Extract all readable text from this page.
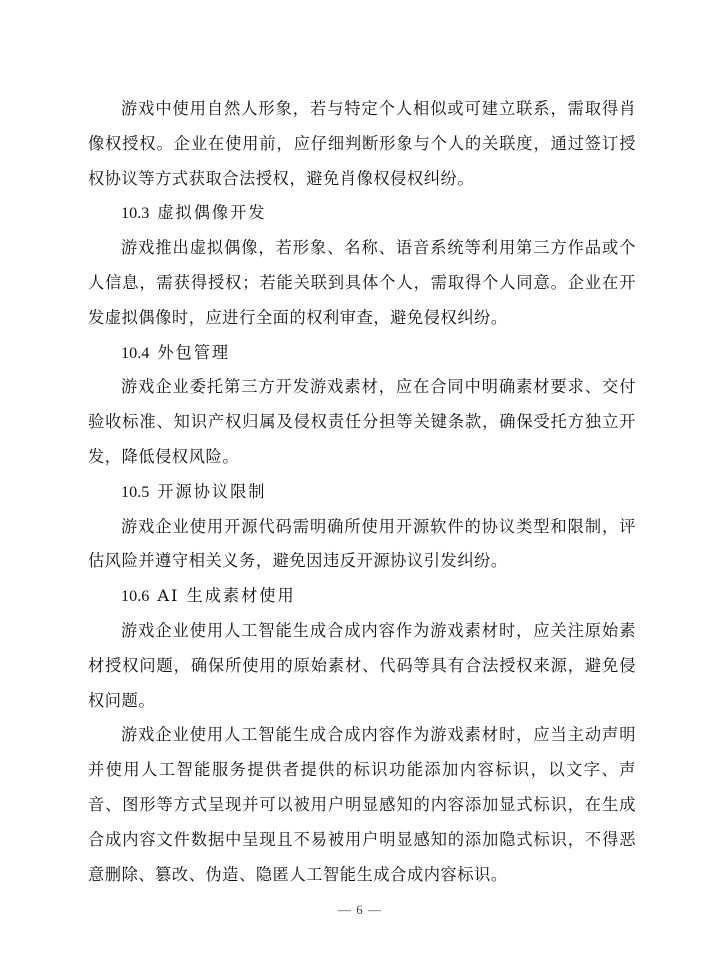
游戏中使用自然人形象，若与特定个人相似或可建立联系，需取得肖像权授权。企业在使用前，应仔细判断形象与个人的关联度，通过签订授权协议等方式获取合法授权，避免肖像权侵权纠纷。

10.3 虚拟偶像开发

游戏推出虚拟偶像，若形象、名称、语音系统等利用第三方作品或个人信息，需获得授权；若能关联到具体个人，需取得个人同意。企业在开发虚拟偶像时，应进行全面的权利审查，避免侵权纠纷。

10.4 外包管理

游戏企业委托第三方开发游戏素材，应在合同中明确素材要求、交付验收标准、知识产权归属及侵权责任分担等关键条款，确保受托方独立开发，降低侵权风险。

10.5 开源协议限制

游戏企业使用开源代码需明确所使用开源软件的协议类型和限制，评估风险并遵守相关义务，避免因违反开源协议引发纠纷。

10.6 AI 生成素材使用

游戏企业使用人工智能生成合成内容作为游戏素材时，应关注原始素材授权问题，确保所使用的原始素材、代码等具有合法授权来源，避免侵权问题。

游戏企业使用人工智能生成合成内容作为游戏素材时，应当主动声明并使用人工智能服务提供者提供的标识功能添加内容标识，以文字、声音、图形等方式呈现并可以被用户明显感知的内容添加显式标识，在生成合成内容文件数据中呈现且不易被用户明显感知的添加隐式标识，不得恶意删除、篡改、伪造、隐匿人工智能生成合成内容标识。

— 6 —
